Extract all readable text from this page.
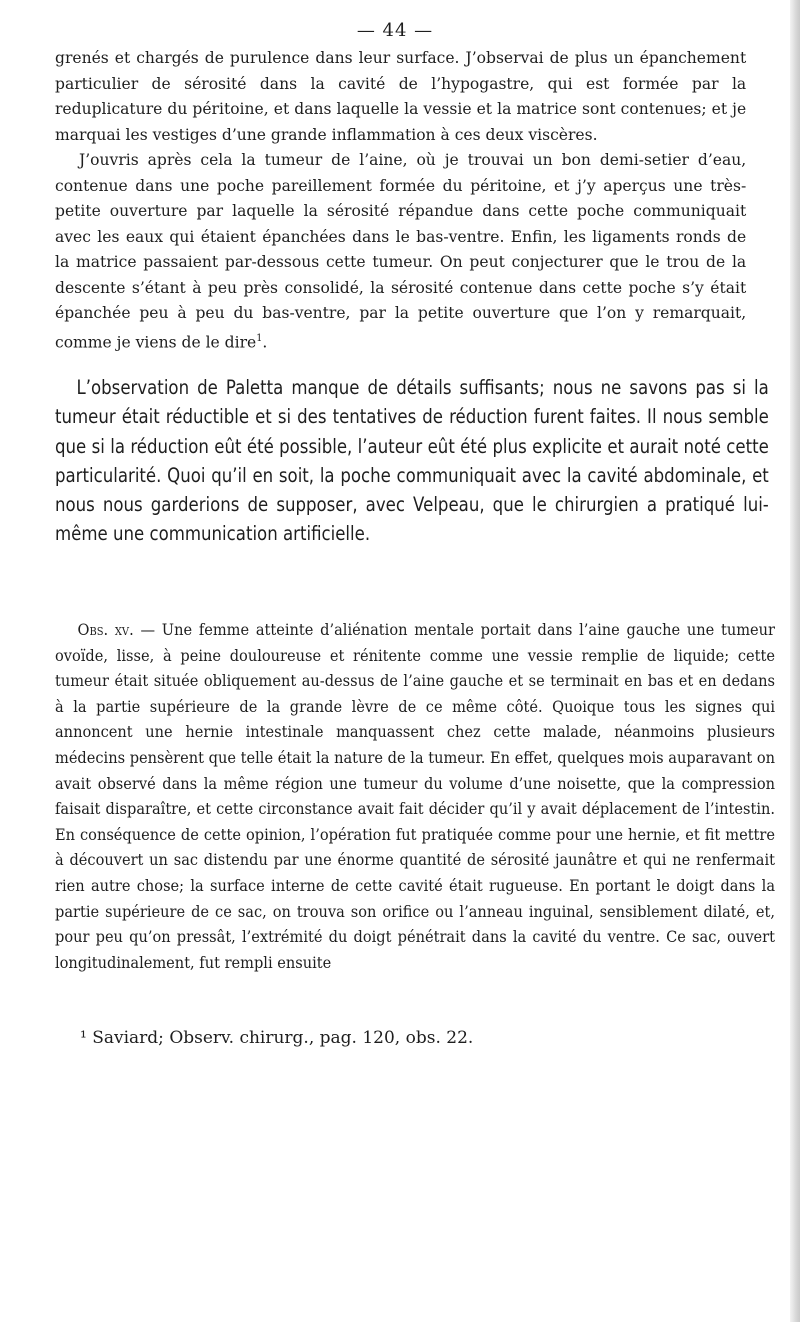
— 44 —
grenés et chargés de purulence dans leur surface. J’observai de plus un épanchement particulier de sérosité dans la cavité de l’hypogastre, qui est formée par la reduplicature du péritoine, et dans laquelle la vessie et la matrice sont contenues; et je marquai les vestiges d’une grande inflammation à ces deux viscères.
J’ouvris après cela la tumeur de l’aine, où je trouvai un bon demi-setier d’eau, contenue dans une poche pareillement formée du péritoine, et j’y aperçus une très-petite ouverture par laquelle la sérosité répandue dans cette poche communiquait avec les eaux qui étaient épanchées dans le bas-ventre. Enfin, les ligaments ronds de la matrice passaient par-dessous cette tumeur. On peut conjecturer que le trou de la descente s’étant à peu près consolidé, la sérosité contenue dans cette poche s’y était épanchée peu à peu du bas-ventre, par la petite ouverture que l’on y remarquait, comme je viens de le dire$^1$.
L’observation de Paletta manque de détails suffisants; nous ne savons pas si la tumeur était réductible et si des tentatives de réduction furent faites. Il nous semble que si la réduction eût été possible, l’auteur eût été plus explicite et aurait noté cette particularité. Quoi qu’il en soit, la poche communiquait avec la cavité abdominale, et nous nous garderions de supposer, avec Velpeau, que le chirurgien a pratiqué lui-même une communication artificielle.
Obs. xv. — Une femme atteinte d’aliénation mentale portait dans l’aine gauche une tumeur ovoïde, lisse, à peine douloureuse et rénitente comme une vessie remplie de liquide; cette tumeur était située obliquement au-dessus de l’aine gauche et se terminait en bas et en dedans à la partie supérieure de la grande lèvre de ce même côté. Quoique tous les signes qui annoncent une hernie intestinale manquassent chez cette malade, néanmoins plusieurs médecins pensèrent que telle était la nature de la tumeur. En effet, quelques mois auparavant on avait observé dans la même région une tumeur du volume d’une noisette, que la compression faisait disparaître, et cette circonstance avait fait décider qu’il y avait déplacement de l’intestin. En conséquence de cette opinion, l’opération fut pratiquée comme pour une hernie, et fit mettre à découvert un sac distendu par une énorme quantité de sérosité jaunâtre et qui ne renfermait rien autre chose; la surface interne de cette cavité était rugueuse. En portant le doigt dans la partie supérieure de ce sac, on trouva son orifice ou l’anneau inguinal, sensiblement dilaté, et, pour peu qu’on pressât, l’extrémité du doigt pénétrait dans la cavité du ventre. Ce sac, ouvert longitudinalement, fut rempli ensuite

¹ Saviard; Observ. chirurg., pag. 120, obs. 22.
